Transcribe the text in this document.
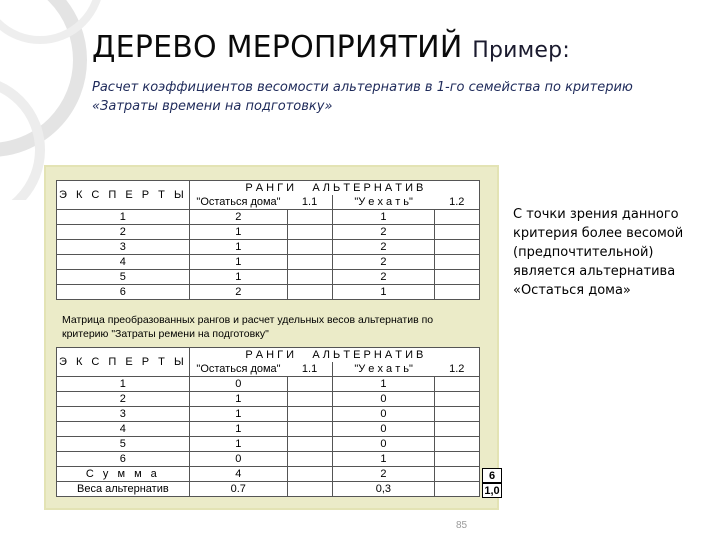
ДЕРЕВО МЕРОПРИЯТИЙ Пример:
Расчет коэффициентов весомости альтернатив в 1-го семейства по критерию «Затраты времени на подготовку»
Э К С П Е Р Т Ы	Р А Н Г И А Л Ь Т Е Р Н А Т И В			
	"Остаться дома"	1.1	"У е х а т ь"	1.2
1	2		1	
2	1		2	
3	1		2	
4	1		2	
5	1		2	
6	2		1	
Матрица преобразованных рангов и расчет удельных весов альтернатив по критерию "Затраты ремени на подготовку"
Э К С П Е Р Т Ы	Р А Н Г И А Л Ь Т Е Р Н А Т И В			
	"Остаться дома"	1.1	"У е х а т ь"	1.2
1	0		1	
2	1		0	
3	1		0	
4	1		0	
5	1		0	
6	0		1	
С у м м а	4		2	
Веса альтернатив	0.7		0,3	
6
1,0
С точки зрения данного критерия более весомой (предпочтительной) является альтернатива «Остаться дома»
85
